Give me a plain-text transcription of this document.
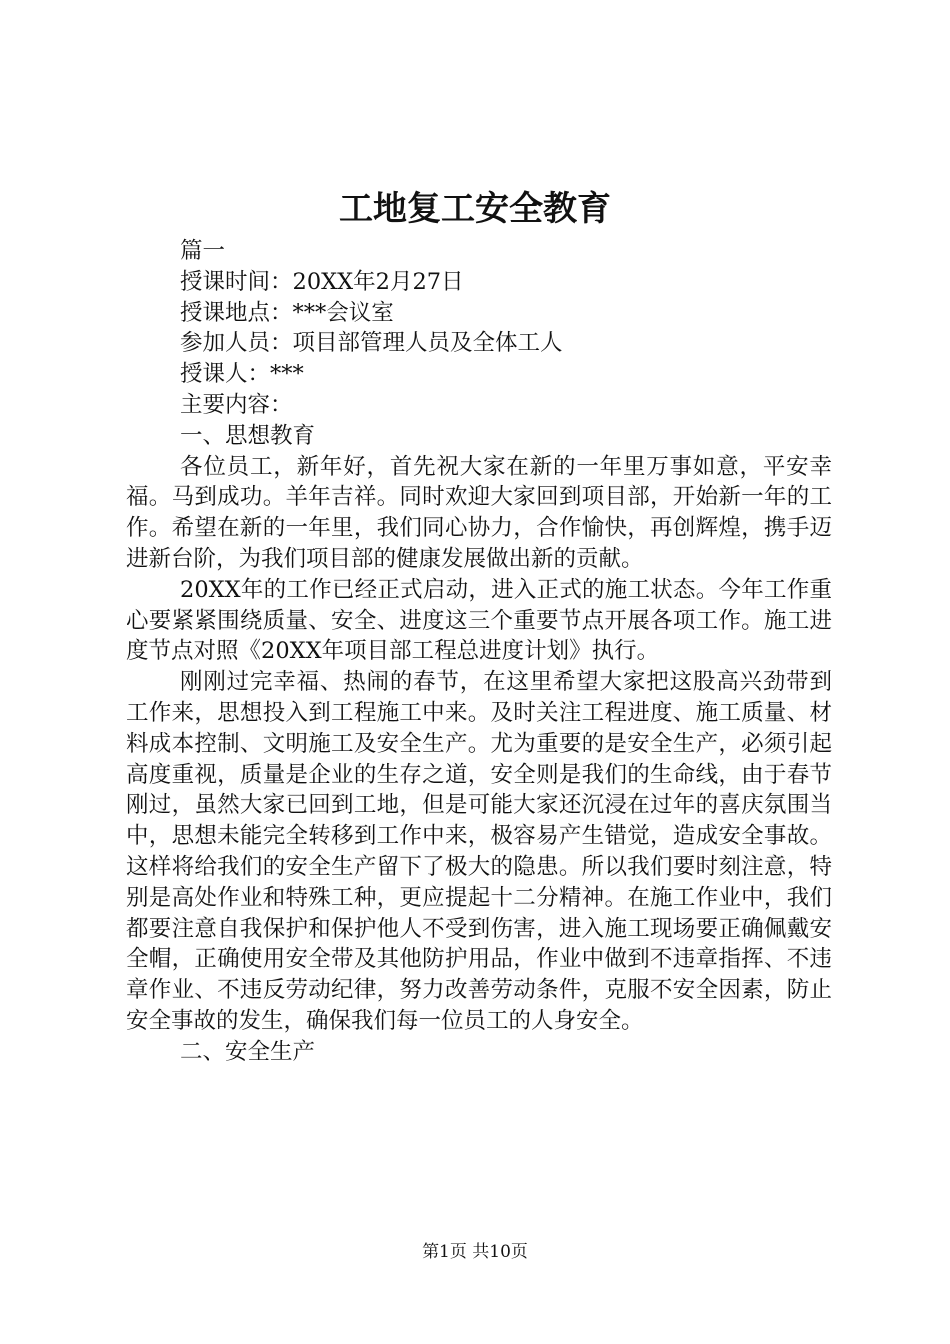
工地复工安全教育
篇一
授课时间：20XX年2月27日
授课地点：***会议室
参加人员：项目部管理人员及全体工人
授课人：***
主要内容：
一、思想教育

各位员工，新年好，首先祝大家在新的一年里万事如意，平安幸福。马到成功。羊年吉祥。同时欢迎大家回到项目部，开始新一年的工作。希望在新的一年里，我们同心协力，合作愉快，再创辉煌，携手迈进新台阶，为我们项目部的健康发展做出新的贡献。

20XX年的工作已经正式启动，进入正式的施工状态。今年工作重心要紧紧围绕质量、安全、进度这三个重要节点开展各项工作。施工进度节点对照《20XX年项目部工程总进度计划》执行。

刚刚过完幸福、热闹的春节，在这里希望大家把这股高兴劲带到工作来，思想投入到工程施工中来。及时关注工程进度、施工质量、材料成本控制、文明施工及安全生产。尤为重要的是安全生产，必须引起高度重视，质量是企业的生存之道，安全则是我们的生命线，由于春节刚过，虽然大家已回到工地，但是可能大家还沉浸在过年的喜庆氛围当中，思想未能完全转移到工作中来，极容易产生错觉，造成安全事故。这样将给我们的安全生产留下了极大的隐患。所以我们要时刻注意，特别是高处作业和特殊工种，更应提起十二分精神。在施工作业中，我们都要注意自我保护和保护他人不受到伤害，进入施工现场要正确佩戴安全帽，正确使用安全带及其他防护用品，作业中做到不违章指挥、不违章作业、不违反劳动纪律，努力改善劳动条件，克服不安全因素，防止安全事故的发生，确保我们每一位员工的人身安全。

二、安全生产
第1页 共10页
